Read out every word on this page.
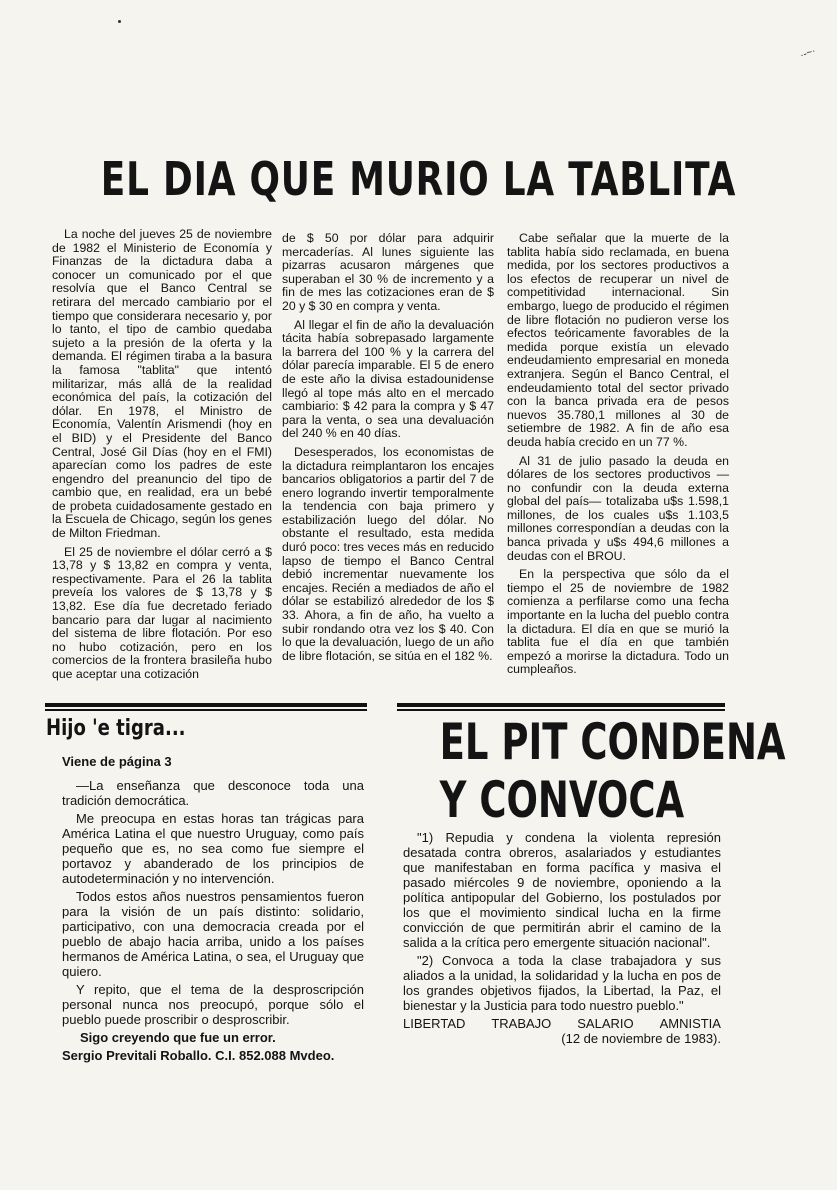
·-~·
EL DIA QUE MURIO LA TABLITA

La noche del jueves 25 de noviembre de 1982 el Ministerio de Economía y Finanzas de la dictadura daba a conocer un comunicado por el que resolvía que el Banco Central se retirara del mercado cambiario por el tiempo que considerara necesario y, por lo tanto, el tipo de cambio quedaba sujeto a la presión de la oferta y la demanda. El régimen tiraba a la basura la famosa "tablita" que intentó militarizar, más allá de la realidad económica del país, la cotización del dólar. En 1978, el Ministro de Economía, Valentín Arismendi (hoy en el BID) y el Presidente del Banco Central, José Gil Días (hoy en el FMI) aparecían como los padres de este engendro del preanuncio del tipo de cambio que, en realidad, era un bebé de probeta cuidadosamente gestado en la Escuela de Chicago, según los genes de Milton Friedman.

El 25 de noviembre el dólar cerró a $ 13,78 y $ 13,82 en compra y venta, respectivamente. Para el 26 la tablita preveía los valores de $ 13,78 y $ 13,82. Ese día fue decretado feriado bancario para dar lugar al nacimiento del sistema de libre flotación. Por eso no hubo cotización, pero en los comercios de la frontera brasileña hubo que aceptar una cotización

de $ 50 por dólar para adquirir mercaderías. Al lunes siguiente las pizarras acusaron márgenes que superaban el 30 % de incremento y a fin de mes las cotizaciones eran de $ 20 y $ 30 en compra y venta.

Al llegar el fin de año la devaluación tácita había sobrepasado largamente la barrera del 100 % y la carrera del dólar parecía imparable. El 5 de enero de este año la divisa estadounidense llegó al tope más alto en el mercado cambiario: $ 42 para la compra y $ 47 para la venta, o sea una devaluación del 240 % en 40 días.

Desesperados, los economistas de la dictadura reimplantaron los encajes bancarios obligatorios a partir del 7 de enero logrando invertir temporalmente la tendencia con baja primero y estabilización luego del dólar. No obstante el resultado, esta medida duró poco: tres veces más en reducido lapso de tiempo el Banco Central debió incrementar nuevamente los encajes. Recién a mediados de año el dólar se estabilizó alrededor de los $ 33. Ahora, a fin de año, ha vuelto a subir rondando otra vez los $ 40. Con lo que la devaluación, luego de un año de libre flotación, se sitúa en el 182 %.

Cabe señalar que la muerte de la tablita había sido reclamada, en buena medida, por los sectores productivos a los efectos de recuperar un nivel de competitividad internacional. Sin embargo, luego de producido el régimen de libre flotación no pudieron verse los efectos teóricamente favorables de la medida porque existía un elevado endeudamiento empresarial en moneda extranjera. Según el Banco Central, el endeudamiento total del sector privado con la banca privada era de pesos nuevos 35.780,1 millones al 30 de setiembre de 1982. A fin de año esa deuda había crecido en un 77 %.

Al 31 de julio pasado la deuda en dólares de los sectores productivos —no confundir con la deuda externa global del país— totalizaba u$s 1.598,1 millones, de los cuales u$s 1.103,5 millones correspondían a deudas con la banca privada y u$s 494,6 millones a deudas con el BROU.

En la perspectiva que sólo da el tiempo el 25 de noviembre de 1982 comienza a perfilarse como una fecha importante en la lucha del pueblo contra la dictadura. El día en que se murió la tablita fue el día en que también empezó a morirse la dictadura. Todo un cumpleaños.

Hijo 'e tigra...
Viene de página 3

—La enseñanza que desconoce toda una tradición democrática.

Me preocupa en estas horas tan trágicas para América Latina el que nuestro Uruguay, como país pequeño que es, no sea como fue siempre el portavoz y abanderado de los principios de autodeterminación y no intervención.

Todos estos años nuestros pensamientos fueron para la visión de un país distinto: solidario, participativo, con una democracia creada por el pueblo de abajo hacia arriba, unido a los países hermanos de América Latina, o sea, el Uruguay que quiero.

Y repito, que el tema de la desproscripción personal nunca nos preocupó, porque sólo el pueblo puede proscribir o desproscribir.

Sigo creyendo que fue un error.

Sergio Previtali Roballo. C.I. 852.088 Mvdeo.

EL PIT CONDENA
Y CONVOCA

"1) Repudia y condena la violenta represión desatada contra obreros, asalariados y estudiantes que manifestaban en forma pacífica y masiva el pasado miércoles 9 de noviembre, oponiendo a la política antipopular del Gobierno, los postulados por los que el movimiento sindical lucha en la firme convicción de que permitirán abrir el camino de la salida a la crítica pero emergente situación nacional".

"2) Convoca a toda la clase trabajadora y sus aliados a la unidad, la solidaridad y la lucha en pos de los grandes objetivos fijados, la Libertad, la Paz, el bienestar y la Justicia para todo nuestro pueblo."

LIBERTAD TRABAJO SALARIO AMNISTIA

(12 de noviembre de 1983).
